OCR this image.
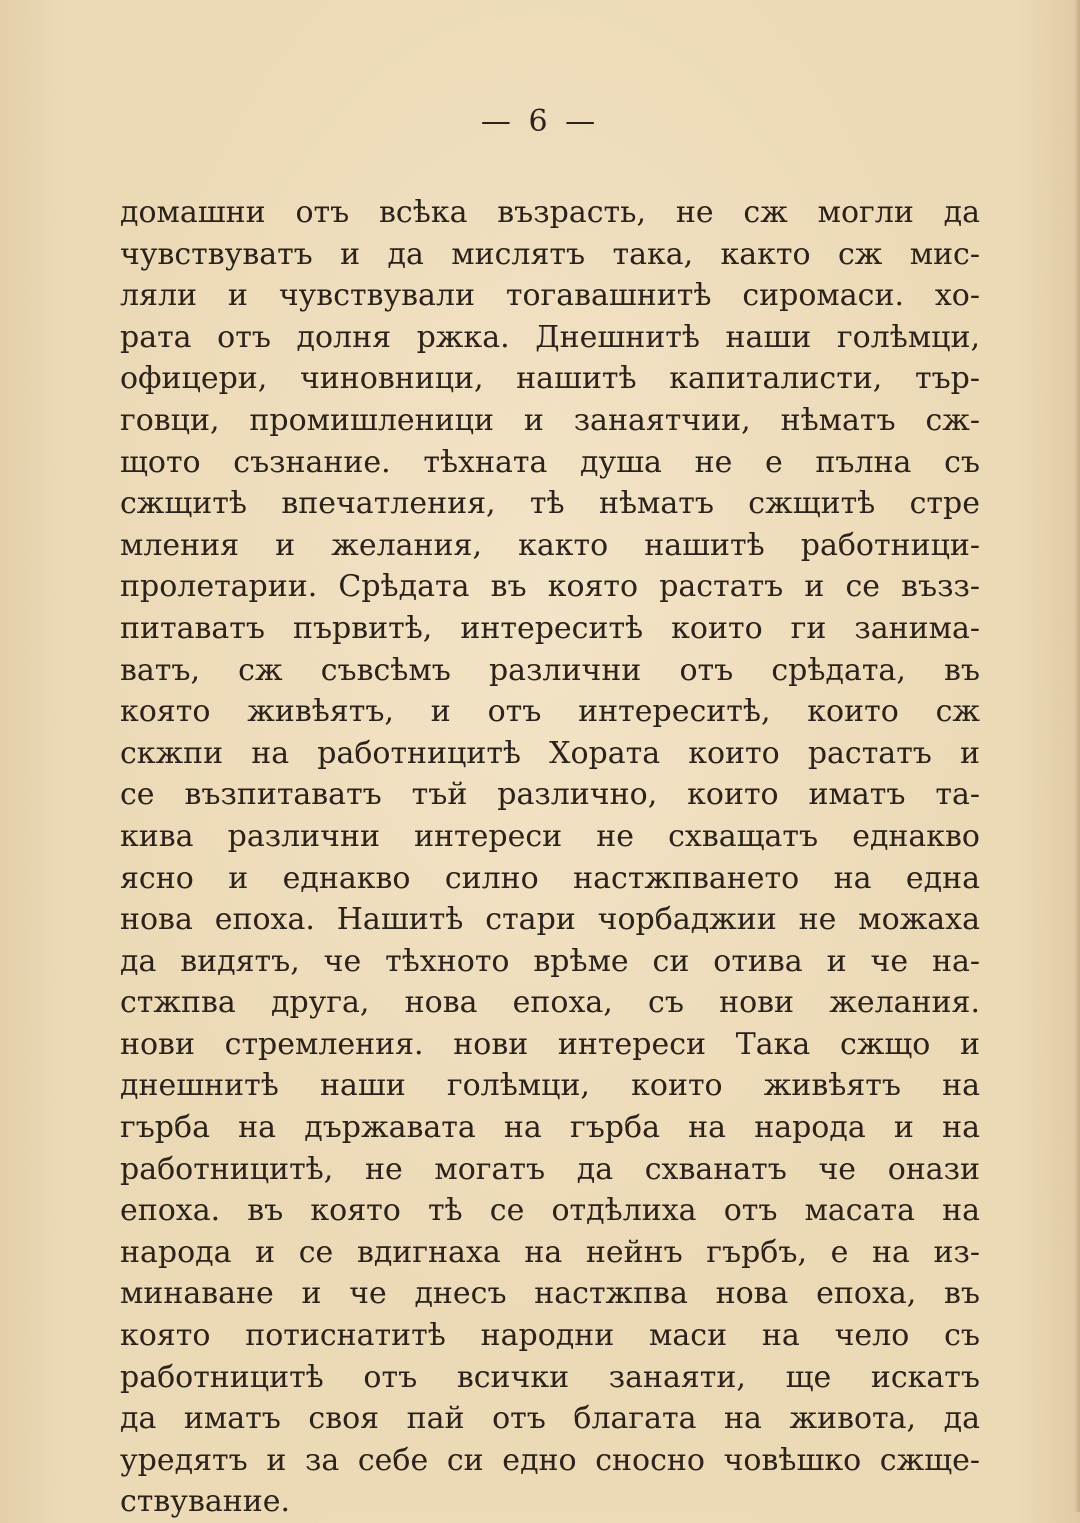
— 6 —
домашни отъ всѣка възрасть, не сж могли да
чувствуватъ и да мислятъ така, както сж мис-
ляли и чувствували тогавашнитѣ сиромаси. хо-
рата отъ долня ржка. Днешнитѣ наши голѣмци,
офицери, чиновници, нашитѣ капиталисти, тър-
говци, промишленици и занаятчии, нѣматъ сж-
щото съзнание. тѣхната душа не е пълна съ
сжщитѣ впечатления, тѣ нѣматъ сжщитѣ стре
мления и желания, както нашитѣ работници-
пролетарии. Срѣдата въ която растатъ и се възз-
питаватъ първитѣ, интереситѣ които ги занима-
ватъ, сж съвсѣмъ различни отъ срѣдата, въ
която живѣятъ, и отъ интереситѣ, които сж
скжпи на работницитѣ Хората които растатъ и
се възпитаватъ тъй различно, които иматъ та-
кива различни интереси не схващатъ еднакво
ясно и еднакво силно настжпването на една
нова епоха. Нашитѣ стари чорбаджии не можаха
да видятъ, че тѣхното врѣме си отива и че на-
стжпва друга, нова епоха, съ нови желания.
нови стремления. нови интереси Така сжщо и
днешнитѣ наши голѣмци, които живѣятъ на
гърба на държавата на гърба на народа и на
работницитѣ, не могатъ да схванатъ че онази
епоха. въ която тѣ се отдѣлиха отъ масата на
народа и се вдигнаха на нейнъ гърбъ, е на из-
минаване и че днесъ настжпва нова епоха, въ
която потиснатитѣ народни маси на чело съ
работницитѣ отъ всички занаяти, ще искатъ
да иматъ своя пай отъ благата на живота, да
уредятъ и за себе си едно сносно човѣшко сжще-
ствувание.
